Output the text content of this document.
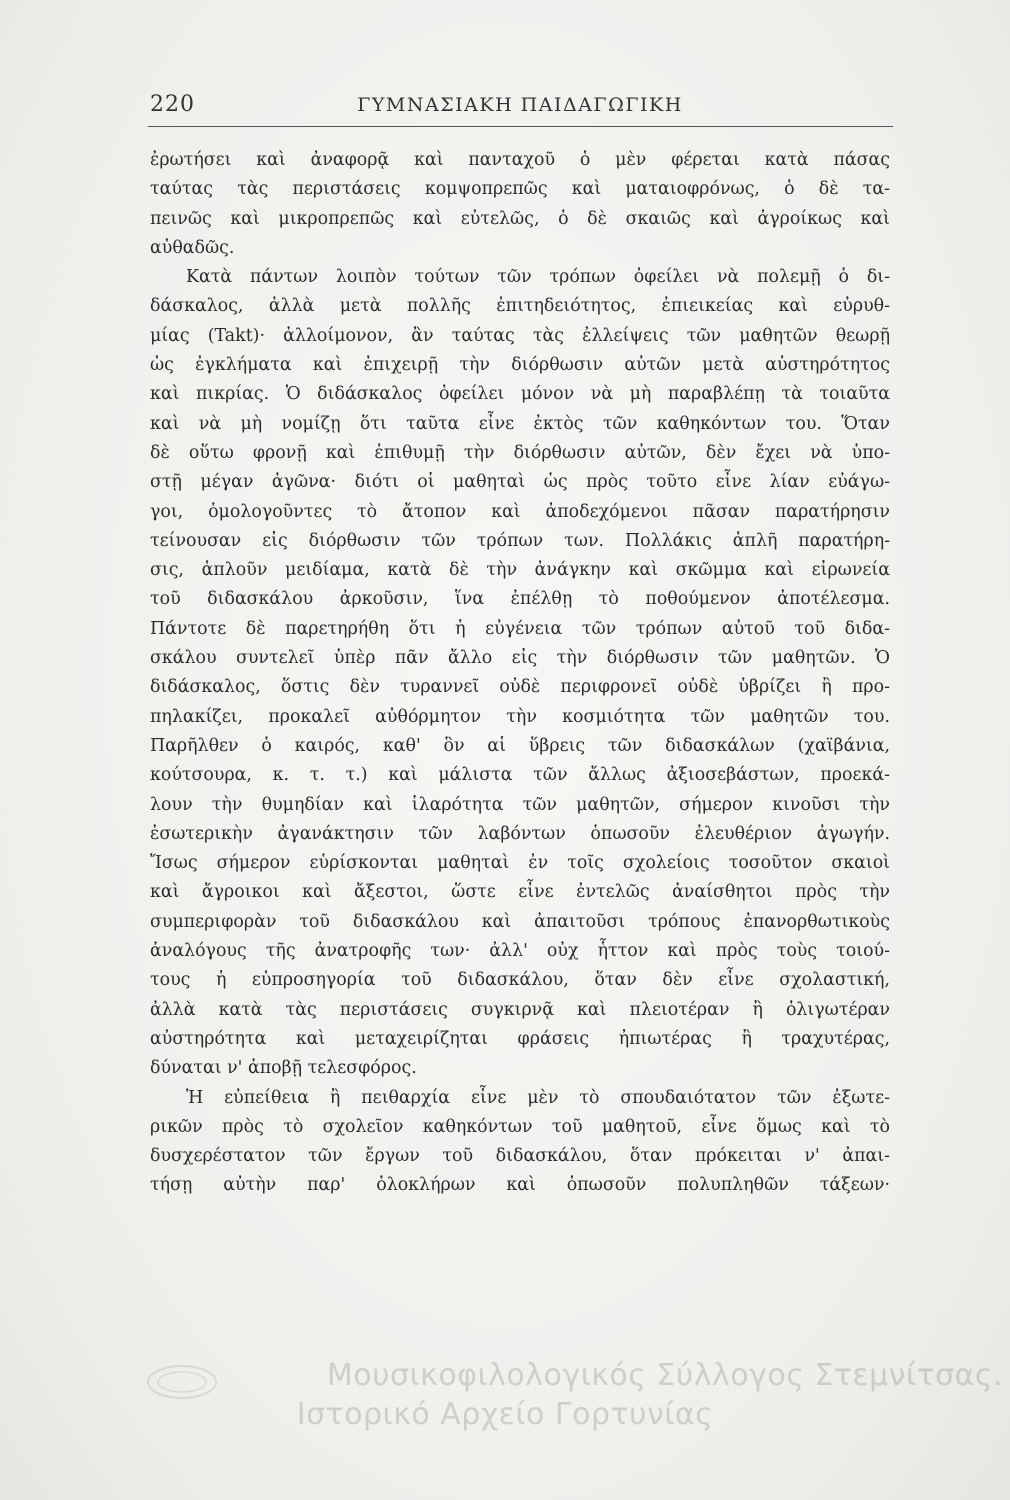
220	ΓΥΜΝΑΣΙΑΚΗ ΠΑΙΔΑΓΩΓΙΚΗ
ἐρωτήσει καὶ ἀναφορᾷ καὶ πανταχοῦ ὁ μὲν φέρεται κατὰ πάσας
ταύτας τὰς περιστάσεις κομψοπρεπῶς καὶ ματαιοφρόνως, ὁ δὲ τα-
πεινῶς καὶ μικροπρεπῶς καὶ εὐτελῶς, ὁ δὲ σκαιῶς καὶ ἀγροίκως καὶ
αὐθαδῶς.
Κατὰ πάντων λοιπὸν τούτων τῶν τρόπων ὀφείλει νὰ πολεμῇ ὁ δι-
δάσκαλος, ἀλλὰ μετὰ πολλῆς ἐπιτηδειότητος, ἐπιεικείας καὶ εὐρυθ-
μίας (Takt)· ἀλλοίμονον, ἂν ταύτας τὰς ἐλλείψεις τῶν μαθητῶν θεωρῇ
ὡς ἐγκλήματα καὶ ἐπιχειρῇ τὴν διόρθωσιν αὐτῶν μετὰ αὐστηρότητος
καὶ πικρίας. Ὁ διδάσκαλος ὀφείλει μόνον νὰ μὴ παραβλέπῃ τὰ τοιαῦτα
καὶ νὰ μὴ νομίζῃ ὅτι ταῦτα εἶνε ἐκτὸς τῶν καθηκόντων του. Ὅταν
δὲ οὕτω φρονῇ καὶ ἐπιθυμῇ τὴν διόρθωσιν αὐτῶν, δὲν ἔχει νὰ ὑπο-
στῇ μέγαν ἀγῶνα· διότι οἱ μαθηταὶ ὡς πρὸς τοῦτο εἶνε λίαν εὐάγω-
γοι, ὁμολογοῦντες τὸ ἄτοπον καὶ ἀποδεχόμενοι πᾶσαν παρατήρησιν
τείνουσαν εἰς διόρθωσιν τῶν τρόπων των. Πολλάκις ἁπλῆ παρατήρη-
σις, ἁπλοῦν μειδίαμα, κατὰ δὲ τὴν ἀνάγκην καὶ σκῶμμα καὶ εἰρωνεία
τοῦ διδασκάλου ἀρκοῦσιν, ἵνα ἐπέλθῃ τὸ ποθούμενον ἀποτέλεσμα.
Πάντοτε δὲ παρετηρήθη ὅτι ἡ εὐγένεια τῶν τρόπων αὐτοῦ τοῦ διδα-
σκάλου συντελεῖ ὑπὲρ πᾶν ἄλλο εἰς τὴν διόρθωσιν τῶν μαθητῶν. Ὁ
διδάσκαλος, ὅστις δὲν τυραννεῖ οὐδὲ περιφρονεῖ οὐδὲ ὑβρίζει ἢ προ-
πηλακίζει, προκαλεῖ αὐθόρμητον τὴν κοσμιότητα τῶν μαθητῶν του.
Παρῆλθεν ὁ καιρός, καθ' ὃν αἱ ὕβρεις τῶν διδασκάλων (χαϊβάνια,
κούτσουρα, κ. τ. τ.) καὶ μάλιστα τῶν ἄλλως ἀξιοσεβάστων, προεκά-
λουν τὴν θυμηδίαν καὶ ἱλαρότητα τῶν μαθητῶν, σήμερον κινοῦσι τὴν
ἐσωτερικὴν ἀγανάκτησιν τῶν λαβόντων ὁπωσοῦν ἐλευθέριον ἀγωγήν.
Ἴσως σήμερον εὑρίσκονται μαθηταὶ ἐν τοῖς σχολείοις τοσοῦτον σκαιοὶ
καὶ ἄγροικοι καὶ ἄξεστοι, ὥστε εἶνε ἐντελῶς ἀναίσθητοι πρὸς τὴν
συμπεριφορὰν τοῦ διδασκάλου καὶ ἀπαιτοῦσι τρόπους ἐπανορθωτικοὺς
ἀναλόγους τῆς ἀνατροφῆς των· ἀλλ' οὐχ ἧττον καὶ πρὸς τοὺς τοιού-
τους ἡ εὐπροσηγορία τοῦ διδασκάλου, ὅταν δὲν εἶνε σχολαστική,
ἀλλὰ κατὰ τὰς περιστάσεις συγκιρνᾷ καὶ πλειοτέραν ἢ ὀλιγωτέραν
αὐστηρότητα καὶ μεταχειρίζηται φράσεις ἠπιωτέρας ἢ τραχυτέρας,
δύναται ν' ἀποβῇ τελεσφόρος.
Ἡ εὐπείθεια ἢ πειθαρχία εἶνε μὲν τὸ σπουδαιότατον τῶν ἐξωτε-
ρικῶν πρὸς τὸ σχολεῖον καθηκόντων τοῦ μαθητοῦ, εἶνε ὅμως καὶ τὸ
δυσχερέστατον τῶν ἔργων τοῦ διδασκάλου, ὅταν πρόκειται ν' ἀπαι-
τήσῃ αὐτὴν παρ' ὁλοκλήρων καὶ ὁπωσοῦν πολυπληθῶν τάξεων·
Μουσικοφιλολογικός Σύλλογος Στεμνίτσας.
Ιστορικό Αρχείο Γορτυνίας
